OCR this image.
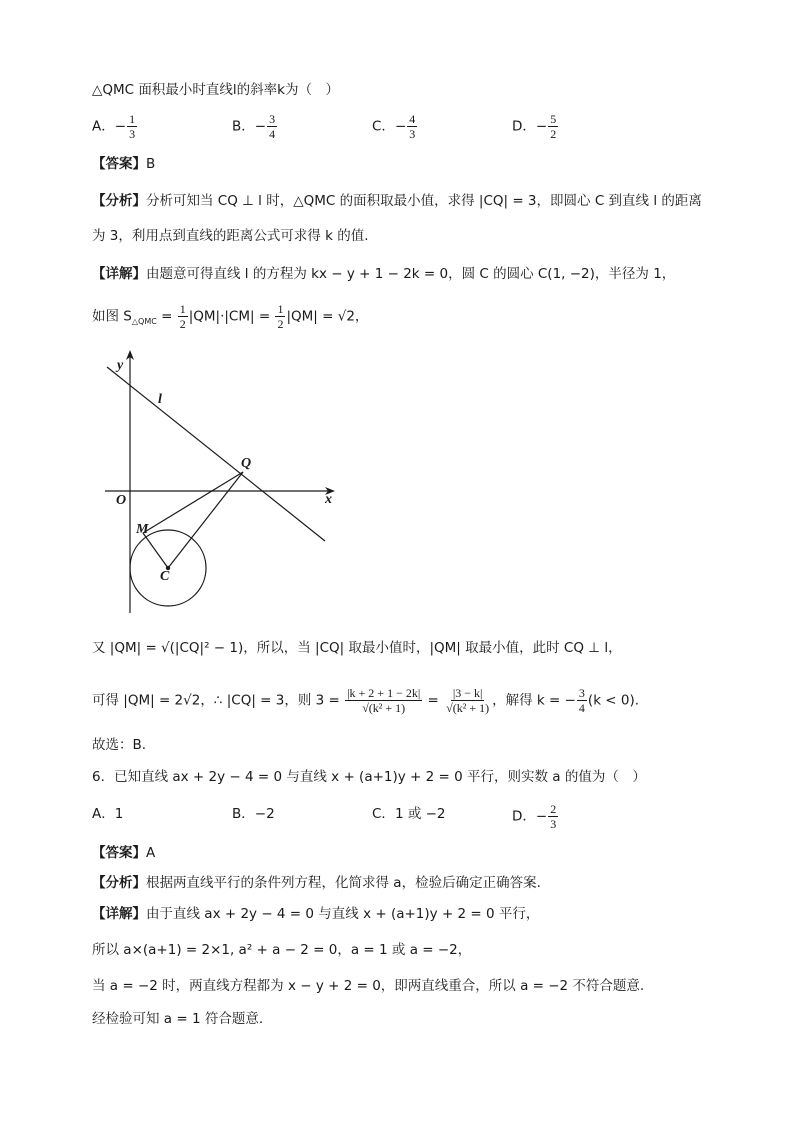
△QMC 面积最小时直线l的斜率k为（　）
A．− $\frac{1}{3}$	B．− $\frac{3}{4}$	C．− $\frac{4}{3}$	D．− $\frac{5}{2}$
【答案】B
【分析】分析可知当 CQ ⊥ l 时，△QMC 的面积取最小值，求得 |CQ| = 3，即圆心 C 到直线 l 的距离
为 3，利用点到直线的距离公式可求得 k 的值.
【详解】由题意可得直线 l 的方程为 kx − y + 1 − 2k = 0，圆 C 的圆心 C(1, −2)，半径为 1，
如图 $S_{\triangle QMC} = \frac{1}{2} |QM|\cdot|CM| = \frac{1}{2} |QM| = √2$，
y
x
O
l
Q
M
C
又 |QM| = √(|CQ|² − 1)，所以，当 |CQ| 取最小值时，|QM| 取最小值，此时 CQ ⊥ l，
可得 |QM| = 2√2，∴ |CQ| = 3，则 $3 = \frac{|k + 2 + 1 - 2k|}{\text{√(k² + 1)}} = \frac{|3 - k|}{\text{√(k² + 1)}}$ ，解得 k = − $\frac{3}{4} (k < 0)$.
故选：B.
6．已知直线 ax + 2y − 4 = 0 与直线 x + (a+1)y + 2 = 0 平行，则实数 a 的值为（　）
A．1	B．−2	C．1 或 −2	D．− $\frac{2}{3}$
【答案】A
【分析】根据两直线平行的条件列方程，化简求得 a，检验后确定正确答案.
【详解】由于直线 ax + 2y − 4 = 0 与直线 x + (a+1)y + 2 = 0 平行，
所以 a×(a+1) = 2×1, a² + a − 2 = 0，a = 1 或 a = −2，
当 a = −2 时，两直线方程都为 x − y + 2 = 0，即两直线重合，所以 a = −2 不符合题意.
经检验可知 a = 1 符合题意.
